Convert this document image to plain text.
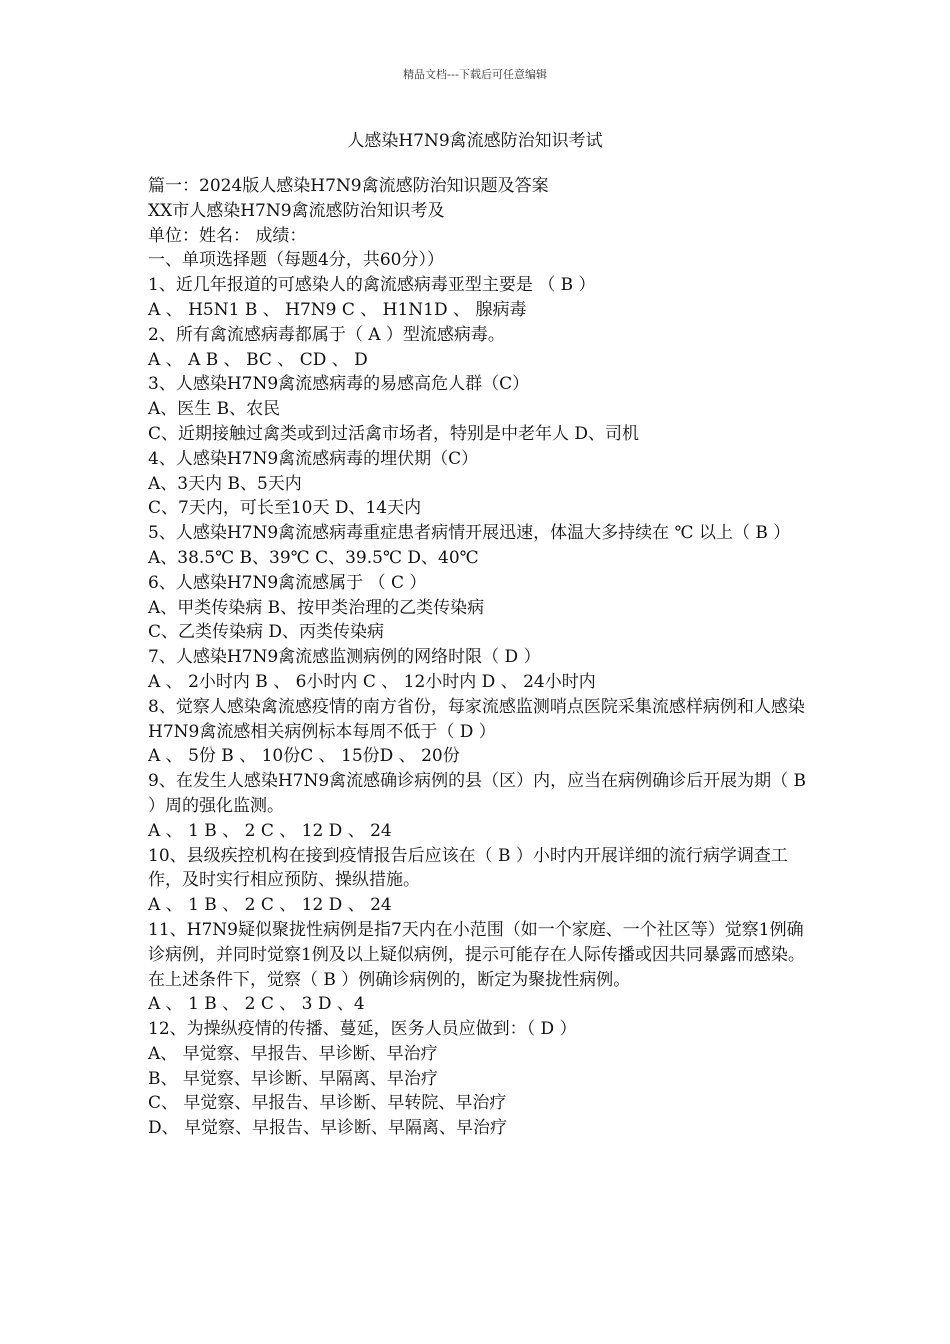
精品文档---下载后可任意编辑
人感染H7N9禽流感防治知识考试
篇一：2024版人感染H7N9禽流感防治知识题及答案
XX市人感染H7N9禽流感防治知识考及
单位：姓名： 成绩：
一、单项选择题（每题4分，共60分））
1、近几年报道的可感染人的禽流感病毒亚型主要是 （ B ）
A 、 H5N1 B 、 H7N9 C 、 H1N1D 、 腺病毒
2、所有禽流感病毒都属于（ A ）型流感病毒。
A 、 A B 、 BC 、 CD 、 D
3、人感染H7N9禽流感病毒的易感高危人群（C）
A、医生 B、农民
C、近期接触过禽类或到过活禽市场者，特别是中老年人 D、司机
4、人感染H7N9禽流感病毒的埋伏期（C）
A、3天内 B、5天内
C、7天内，可长至10天 D、14天内
5、人感染H7N9禽流感病毒重症患者病情开展迅速，体温大多持续在 ℃ 以上（ B ）
A、38.5℃ B、39℃ C、39.5℃ D、40℃
6、人感染H7N9禽流感属于 （ C ）
A、甲类传染病 B、按甲类治理的乙类传染病
C、乙类传染病 D、丙类传染病
7、人感染H7N9禽流感监测病例的网络时限（ D ）
A 、 2小时内 B 、 6小时内 C 、 12小时内 D 、 24小时内
8、觉察人感染禽流感疫情的南方省份，每家流感监测哨点医院采集流感样病例和人感染H7N9禽流感相关病例标本每周不低于（ D ）
A 、 5份 B 、 10份C 、 15份D 、 20份
9、在发生人感染H7N9禽流感确诊病例的县（区）内，应当在病例确诊后开展为期（ B ）周的强化监测。
A 、 1 B 、 2 C 、 12 D 、 24
10、县级疾控机构在接到疫情报告后应该在（ B ）小时内开展详细的流行病学调查工作，及时实行相应预防、操纵措施。
A 、 1 B 、 2 C 、 12 D 、 24
11、H7N9疑似聚拢性病例是指7天内在小范围（如一个家庭、一个社区等）觉察1例确诊病例，并同时觉察1例及以上疑似病例，提示可能存在人际传播或因共同暴露而感染。在上述条件下，觉察（ B ）例确诊病例的，断定为聚拢性病例。
A 、 1 B 、 2 C 、 3 D 、4
12、为操纵疫情的传播、蔓延，医务人员应做到：（ D ）
A、 早觉察、早报告、早诊断、早治疗
B、 早觉察、早诊断、早隔离、早治疗
C、 早觉察、早报告、早诊断、早转院、早治疗
D、 早觉察、早报告、早诊断、早隔离、早治疗
